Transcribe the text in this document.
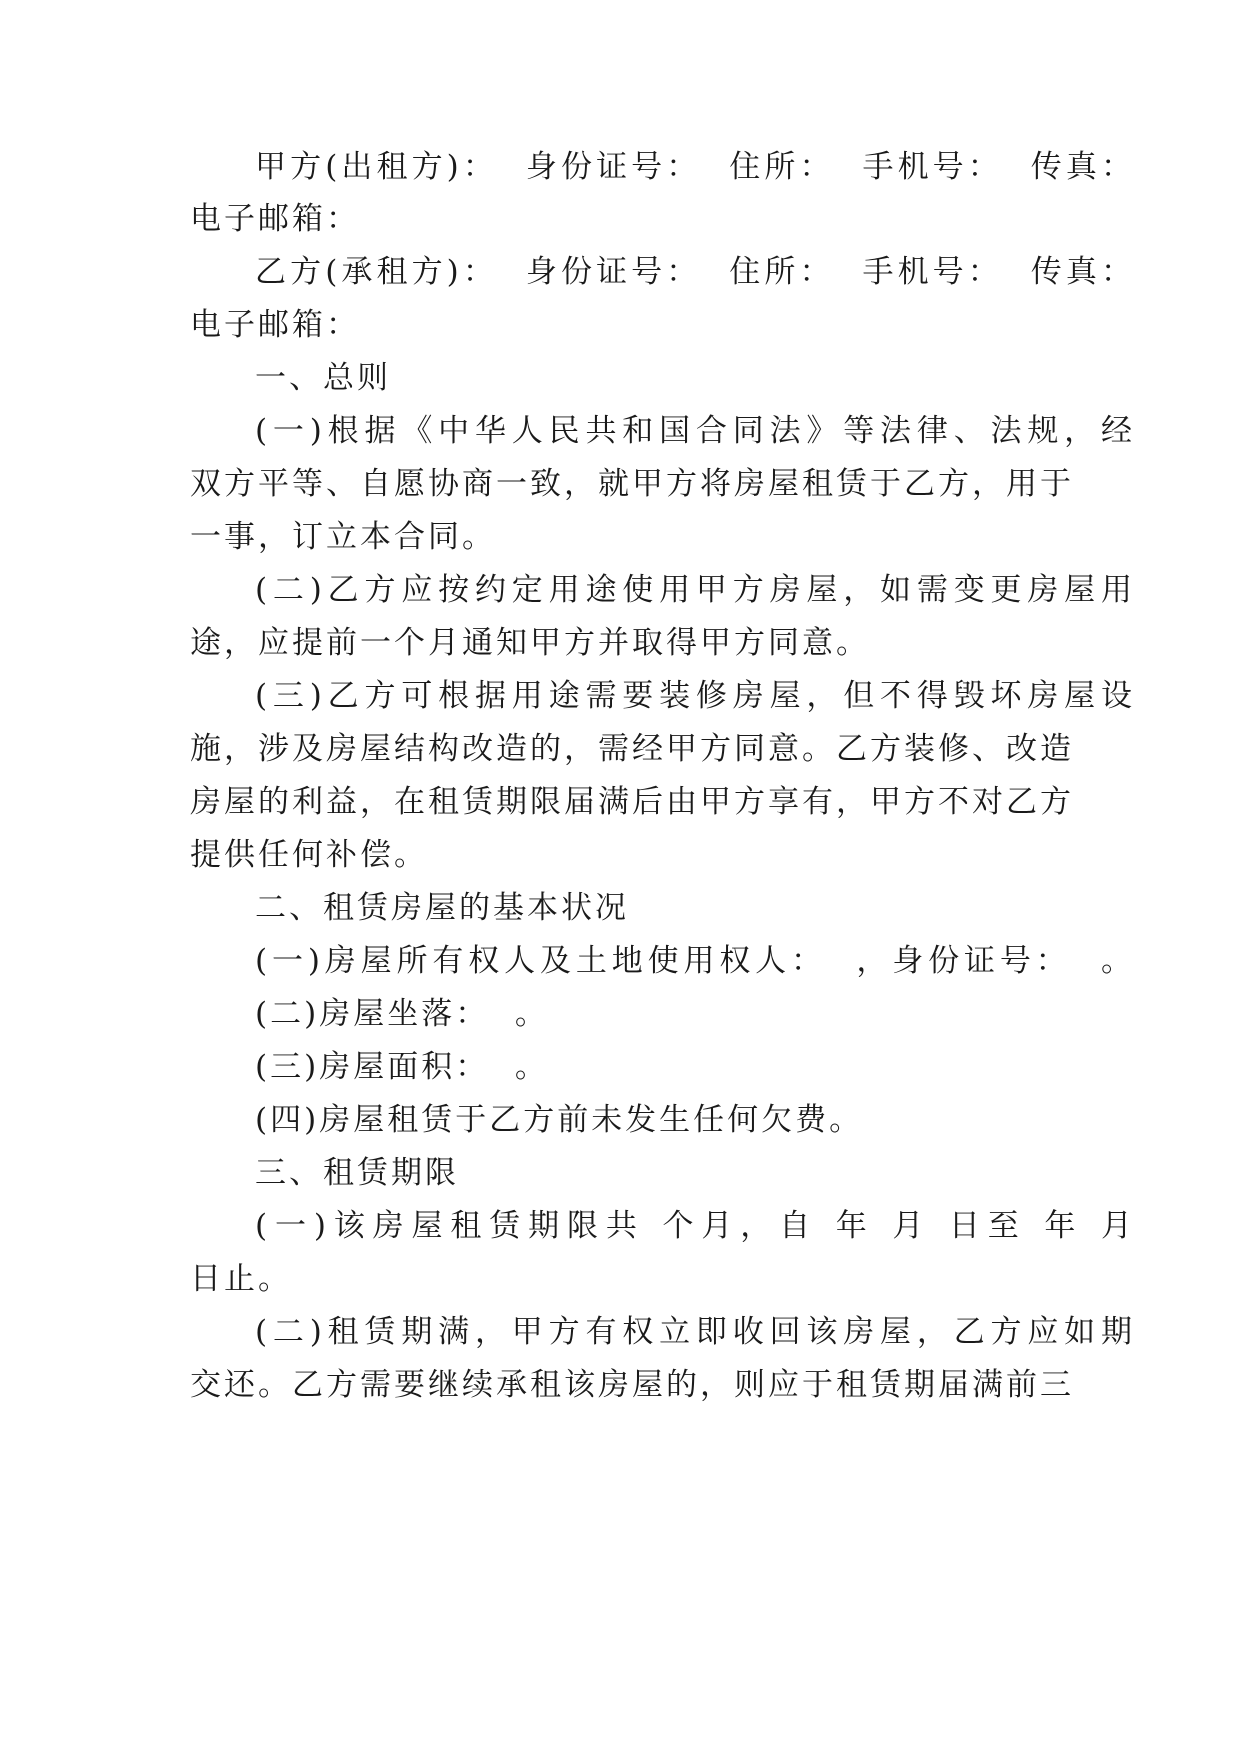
甲方(出租方)：  身份证号：  住所：  手机号：  传真：
电子邮箱：
乙方(承租方)：  身份证号：  住所：  手机号：  传真：
电子邮箱：
一、总则
(一)根据《中华人民共和国合同法》等法律、法规，经
双方平等、自愿协商一致，就甲方将房屋租赁于乙方，用于
一事，订立本合同。
(二)乙方应按约定用途使用甲方房屋，如需变更房屋用
途，应提前一个月通知甲方并取得甲方同意。
(三)乙方可根据用途需要装修房屋，但不得毁坏房屋设
施，涉及房屋结构改造的，需经甲方同意。乙方装修、改造
房屋的利益，在租赁期限届满后由甲方享有，甲方不对乙方
提供任何补偿。
二、租赁房屋的基本状况
(一)房屋所有权人及土地使用权人：  ，身份证号：  。
(二)房屋坐落：  。
(三)房屋面积：  。
(四)房屋租赁于乙方前未发生任何欠费。
三、租赁期限
(一)该房屋租赁期限共 个月，自 年 月 日至 年 月
日止。
(二)租赁期满，甲方有权立即收回该房屋，乙方应如期
交还。乙方需要继续承租该房屋的，则应于租赁期届满前三
